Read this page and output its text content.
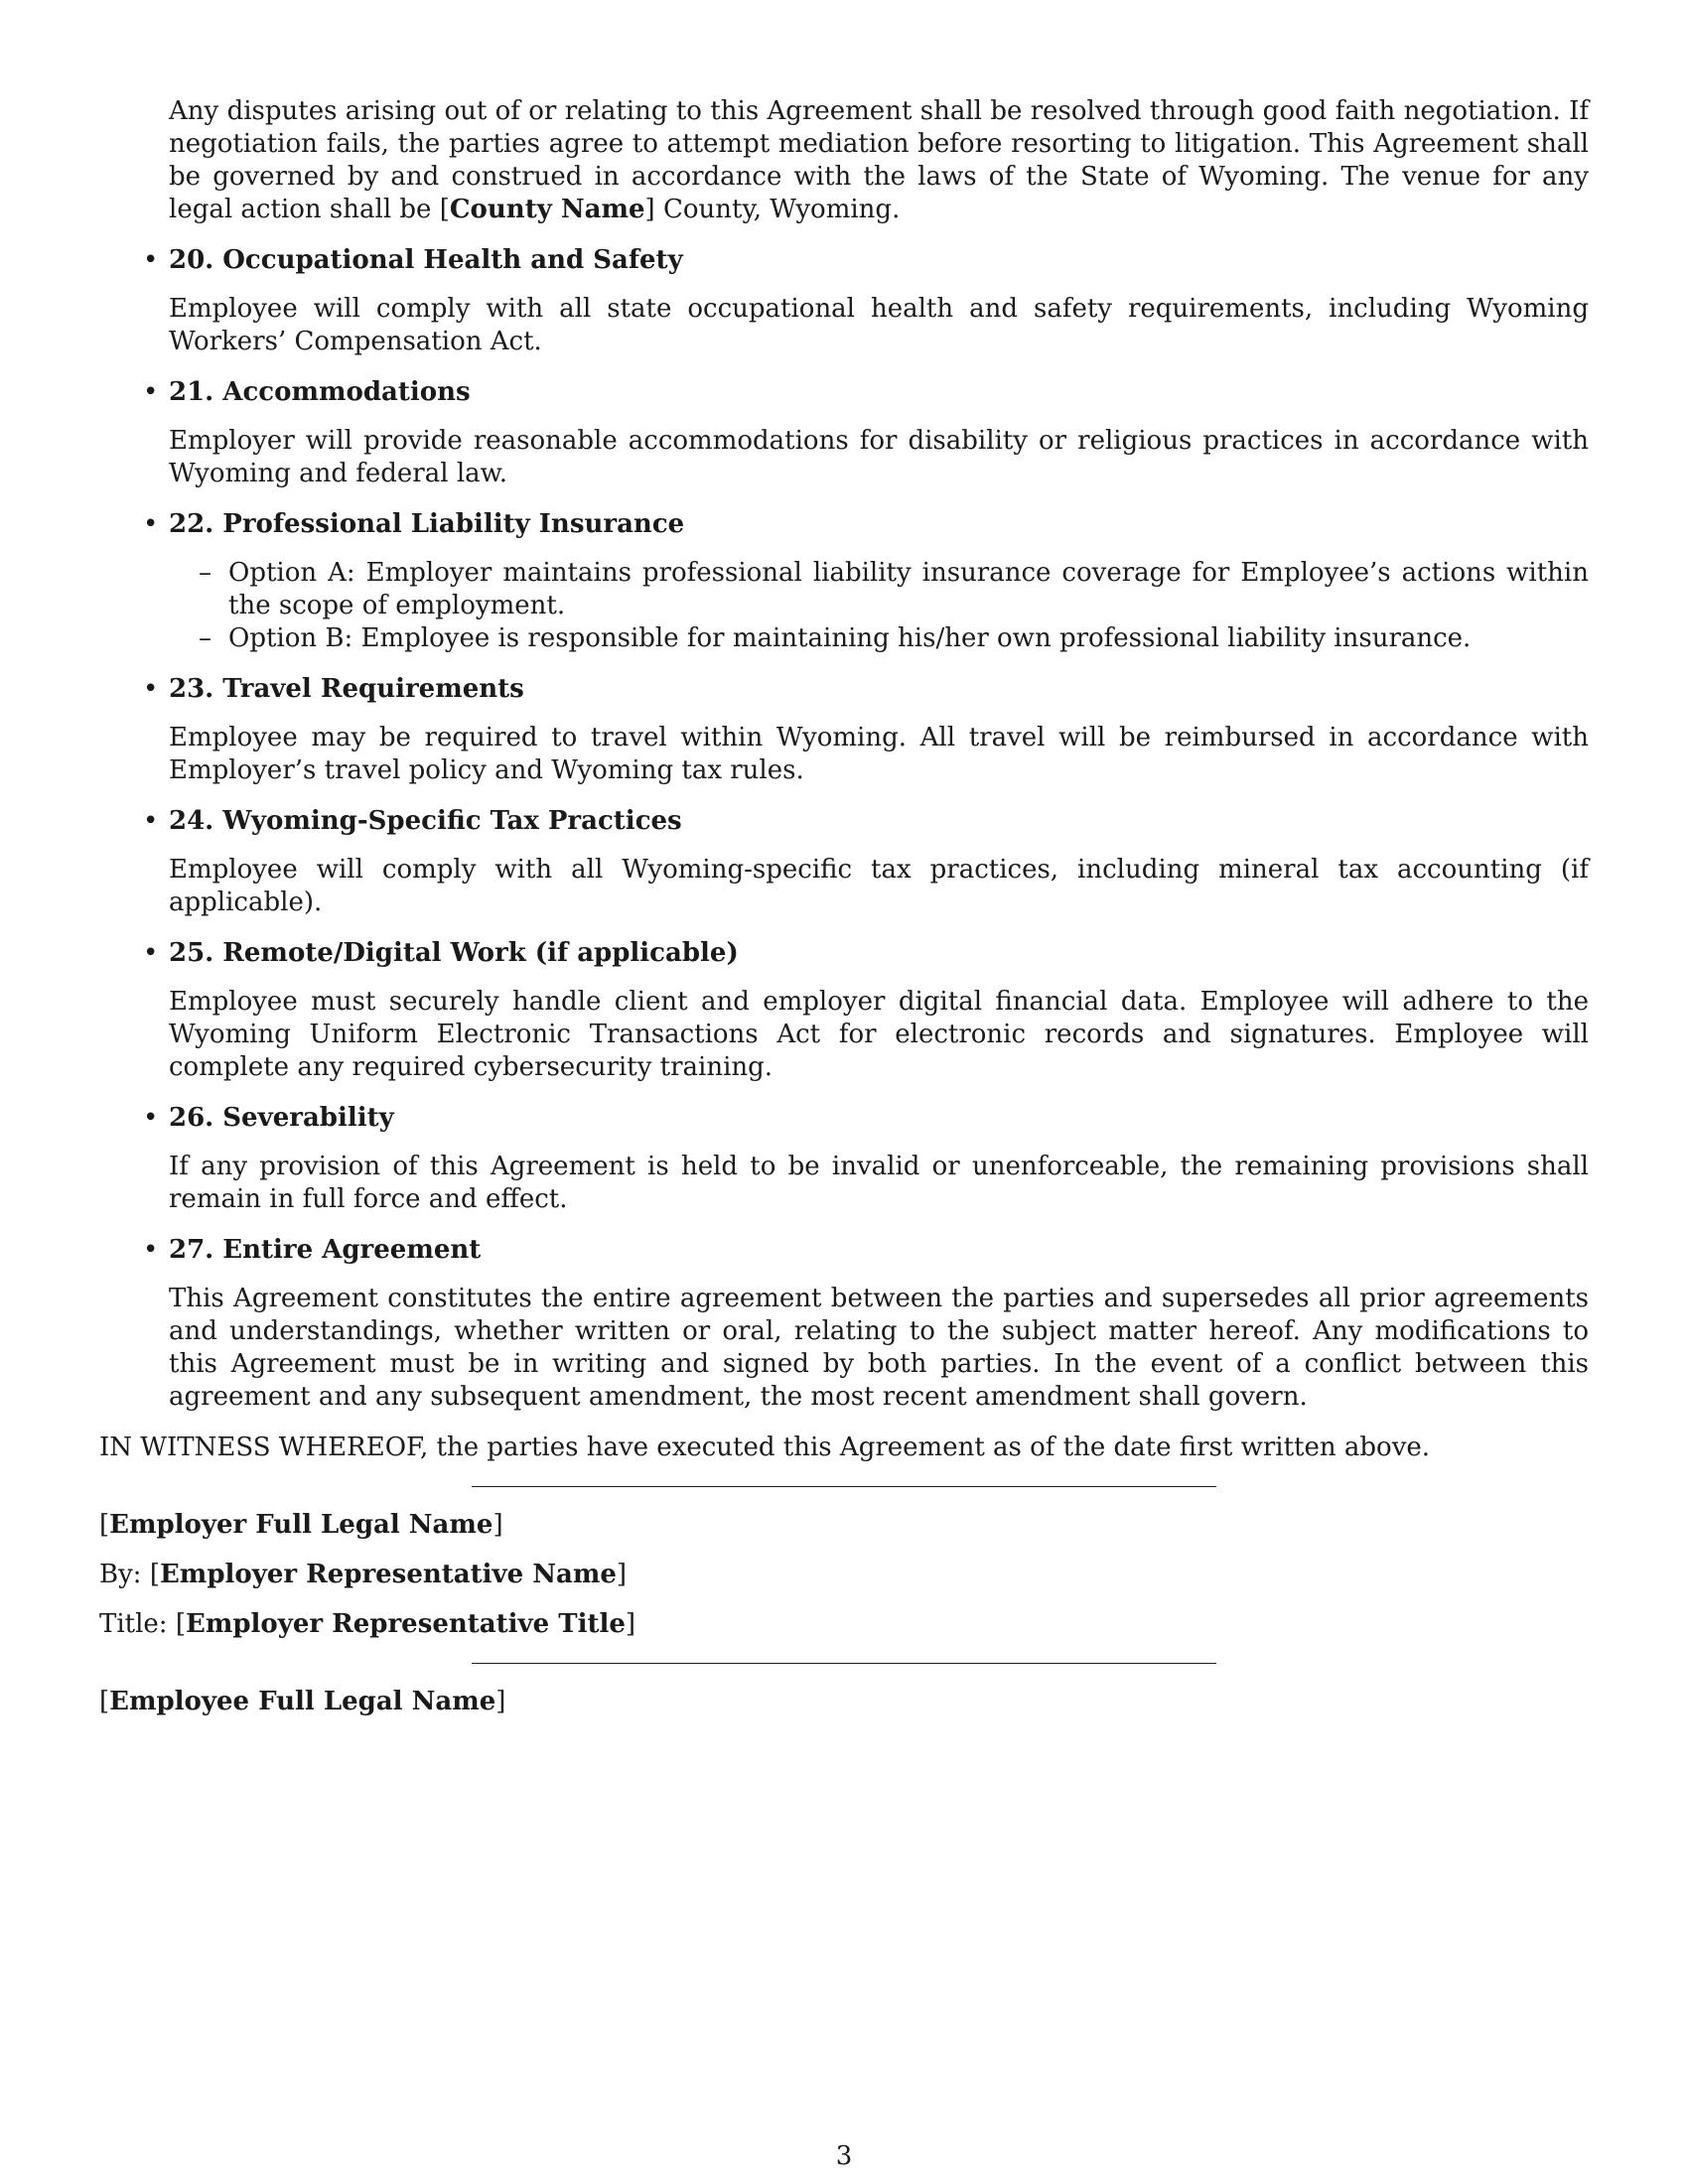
Any disputes arising out of or relating to this Agreement shall be resolved through good faith negotiation. If negotiation fails, the parties agree to attempt mediation before resorting to litigation. This Agreement shall be governed by and construed in accordance with the laws of the State of Wyoming. The venue for any legal action shall be [County Name] County, Wyoming.

• 20. Occupational Health and Safety

Employee will comply with all state occupational health and safety requirements, including Wyoming Workers’ Compensation Act.

• 21. Accommodations

Employer will provide reasonable accommodations for disability or religious practices in accordance with Wyoming and federal law.

• 22. Professional Liability Insurance
– Option A: Employer maintains professional liability insurance coverage for Employee’s actions within the scope of employment.
– Option B: Employee is responsible for maintaining his/her own professional liability insurance.
• 23. Travel Requirements

Employee may be required to travel within Wyoming. All travel will be reimbursed in accordance with Employer’s travel policy and Wyoming tax rules.

• 24. Wyoming-Specific Tax Practices

Employee will comply with all Wyoming-specific tax practices, including mineral tax accounting (if applicable).

• 25. Remote/Digital Work (if applicable)

Employee must securely handle client and employer digital financial data. Employee will adhere to the Wyoming Uniform Electronic Transactions Act for electronic records and signatures. Employee will complete any required cybersecurity training.

• 26. Severability

If any provision of this Agreement is held to be invalid or unenforceable, the remaining provisions shall remain in full force and effect.

• 27. Entire Agreement

This Agreement constitutes the entire agreement between the parties and supersedes all prior agreements and understandings, whether written or oral, relating to the subject matter hereof. Any modifications to this Agreement must be in writing and signed by both parties. In the event of a conflict between this agreement and any subsequent amendment, the most recent amendment shall govern.

IN WITNESS WHEREOF, the parties have executed this Agreement as of the date first written above.

[Employer Full Legal Name]
By: [Employer Representative Name]
Title: [Employer Representative Title]
[Employee Full Legal Name]
3
